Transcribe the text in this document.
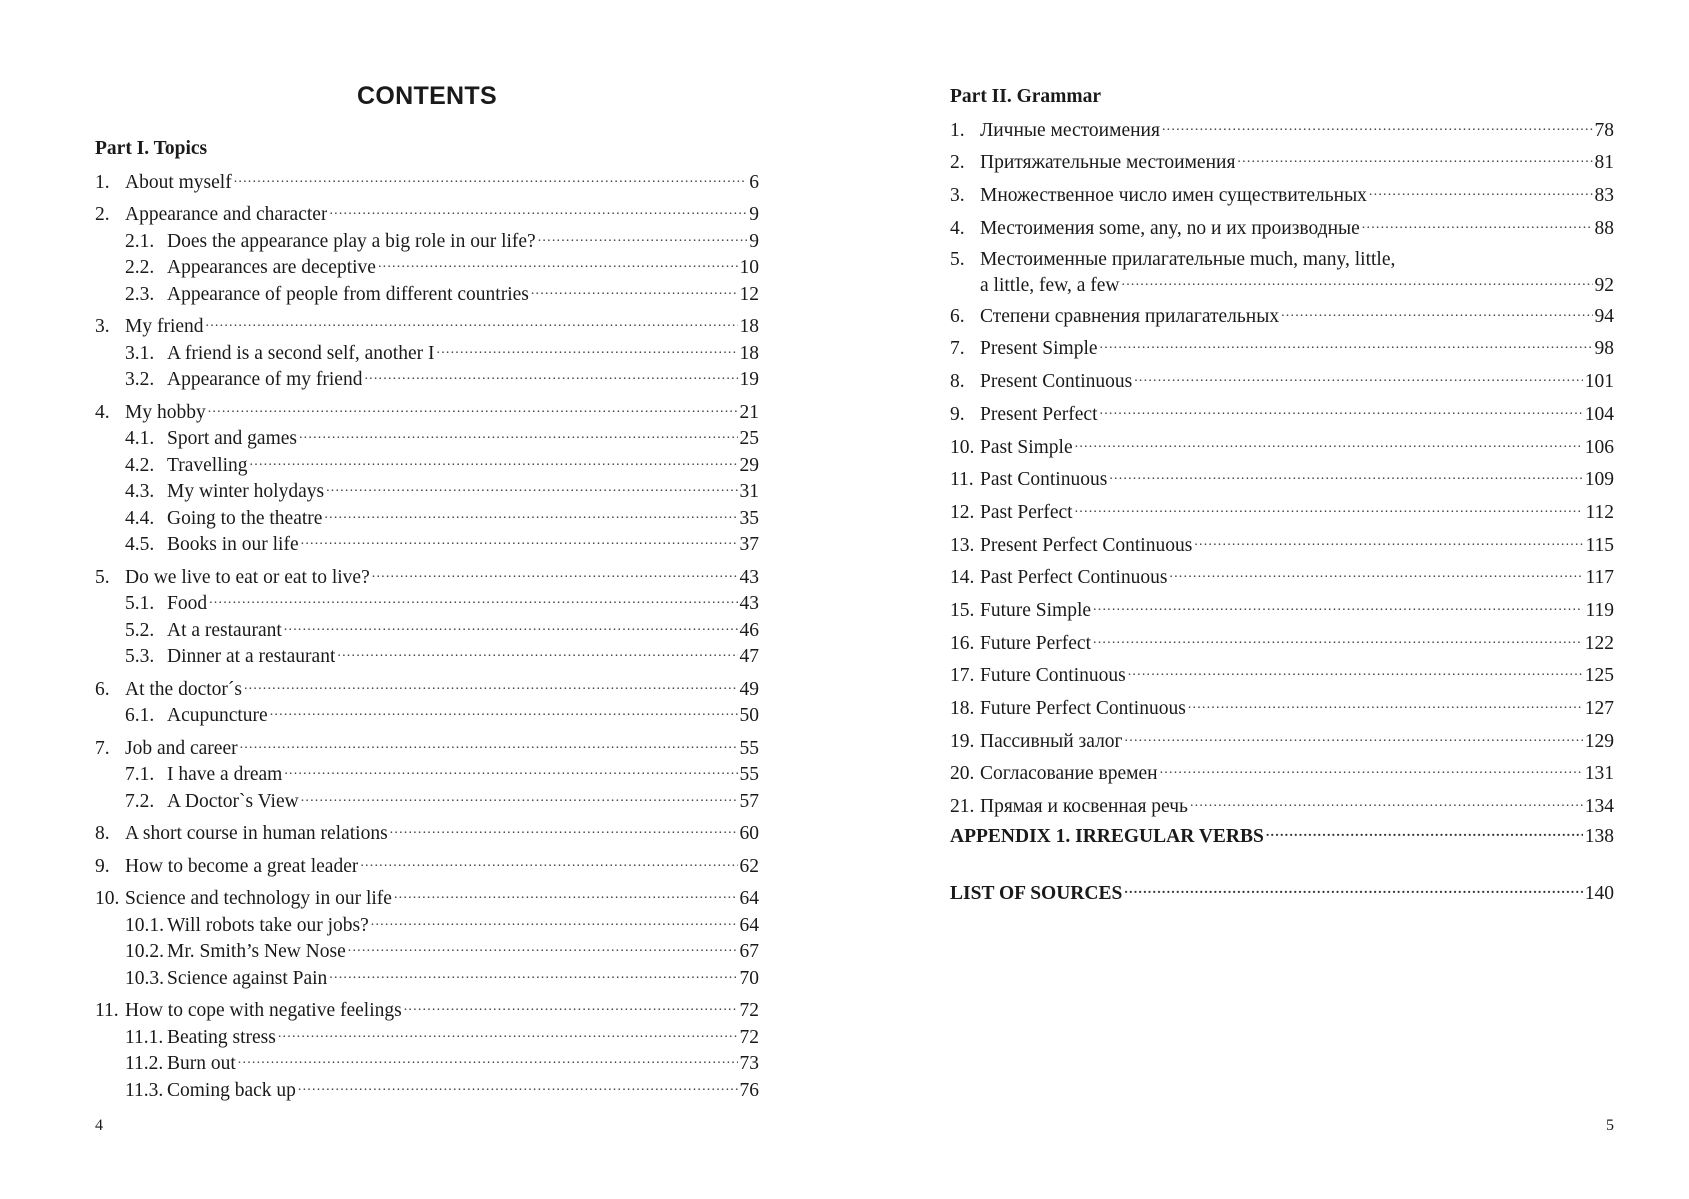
CONTENTS
Part I. Topics
1. About myself .....	6
2. Appearance and character .....	9
2.1. Does the appearance play a big role in our life? .....	9
2.2. Appearances are deceptive .....	10
2.3. Appearance of people from different countries .....	12
3. My friend .....	18
3.1. A friend is a second self, another I .....	18
3.2. Appearance of my friend .....	19
4. My hobby .....	21
4.1. Sport and games .....	25
4.2. Travelling .....	29
4.3. My winter holydays .....	31
4.4. Going to the theatre .....	35
4.5. Books in our life .....	37
5. Do we live to eat or eat to live? .....	43
5.1. Food .....	43
5.2. At a restaurant .....	46
5.3. Dinner at a restaurant .....	47
6. At the doctor´s .....	49
6.1. Acupuncture .....	50
7. Job and career .....	55
7.1. I have a dream .....	55
7.2. A Doctor`s View .....	57
8. A short course in human relations .....	60
9. How to become a great leader .....	62
10. Science and technology in our life .....	64
10.1. Will robots take our jobs? .....	64
10.2. Mr. Smith’s New Nose .....	67
10.3. Science against Pain .....	70
11. How to cope with negative feelings .....	72
11.1. Beating stress .....	72
11.2. Burn out .....	73
11.3. Coming back up .....	76
4
Part II. Grammar
1. Личные местоимения .....	78
2. Притяжательные местоимения .....	81
3. Множественное число имен существительных .....	83
4. Местоимения some, any, no и их производные .....	88
5. Местоименные прилагательные much, many, little,
a little, few, a few .....	92
6. Степени сравнения прилагательных .....	94
7. Present Simple .....	98
8. Present Continuous .....	101
9. Present Perfect .....	104
10. Past Simple .....	106
11. Past Continuous .....	109
12. Past Perfect .....	112
13. Present Perfect Continuous .....	115
14. Past Perfect Continuous .....	117
15. Future Simple .....	119
16. Future Perfect .....	122
17. Future Continuous .....	125
18. Future Perfect Continuous .....	127
19. Пассивный залог .....	129
20. Согласование времен .....	131
21. Прямая и косвенная речь .....	134
APPENDIX 1. IRREGULAR VERBS .....	138
LIST OF SOURCES .....	140
5
